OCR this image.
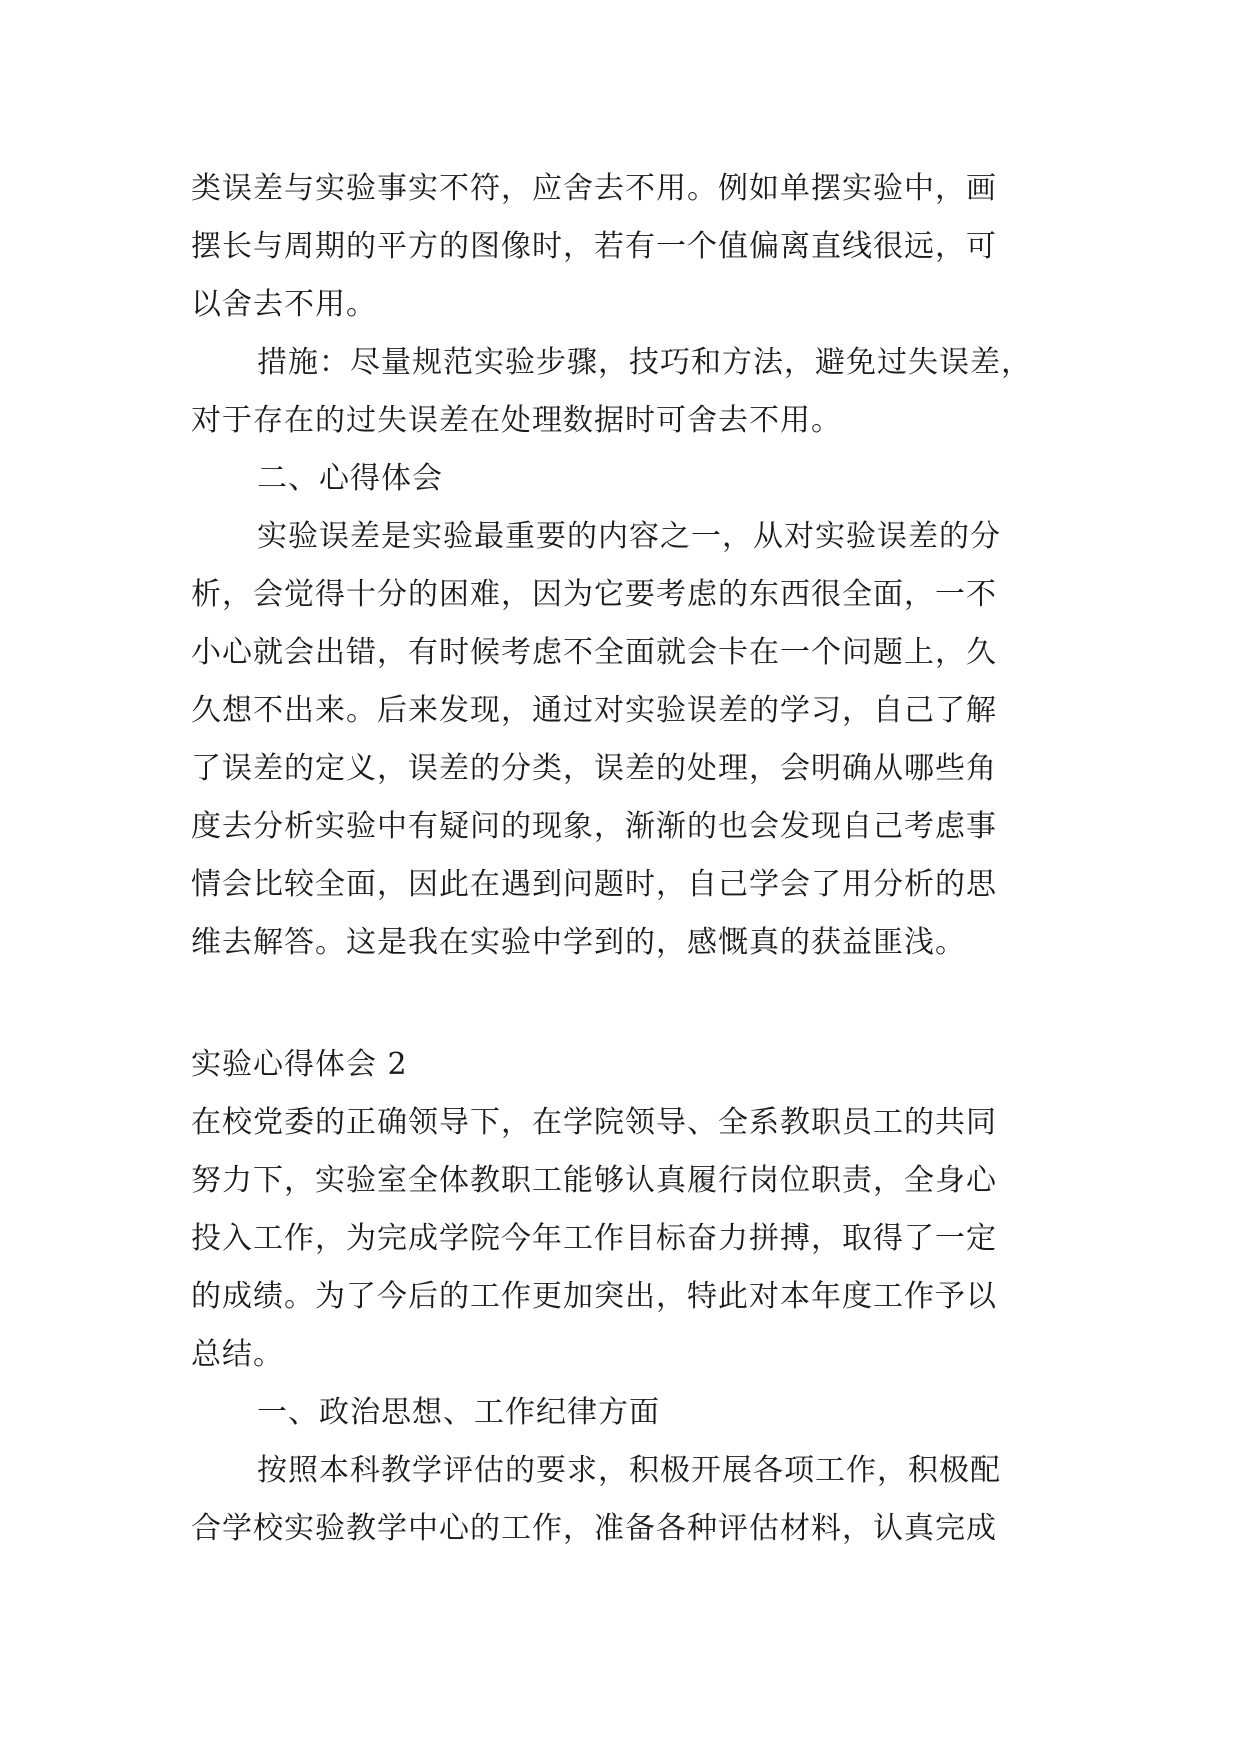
类误差与实验事实不符，应舍去不用。例如单摆实验中，画
摆长与周期的平方的图像时，若有一个值偏离直线很远，可
以舍去不用。
措施：尽量规范实验步骤，技巧和方法，避免过失误差，
对于存在的过失误差在处理数据时可舍去不用。
二、心得体会
实验误差是实验最重要的内容之一，从对实验误差的分
析，会觉得十分的困难，因为它要考虑的东西很全面，一不
小心就会出错，有时候考虑不全面就会卡在一个问题上，久
久想不出来。后来发现，通过对实验误差的学习，自己了解
了误差的定义，误差的分类，误差的处理，会明确从哪些角
度去分析实验中有疑问的现象，渐渐的也会发现自己考虑事
情会比较全面，因此在遇到问题时，自己学会了用分析的思
维去解答。这是我在实验中学到的，感慨真的获益匪浅。
实验心得体会 2
在校党委的正确领导下，在学院领导、全系教职员工的共同
努力下，实验室全体教职工能够认真履行岗位职责，全身心
投入工作，为完成学院今年工作目标奋力拼搏，取得了一定
的成绩。为了今后的工作更加突出，特此对本年度工作予以
总结。
一、政治思想、工作纪律方面
按照本科教学评估的要求，积极开展各项工作，积极配
合学校实验教学中心的工作，准备各种评估材料，认真完成
